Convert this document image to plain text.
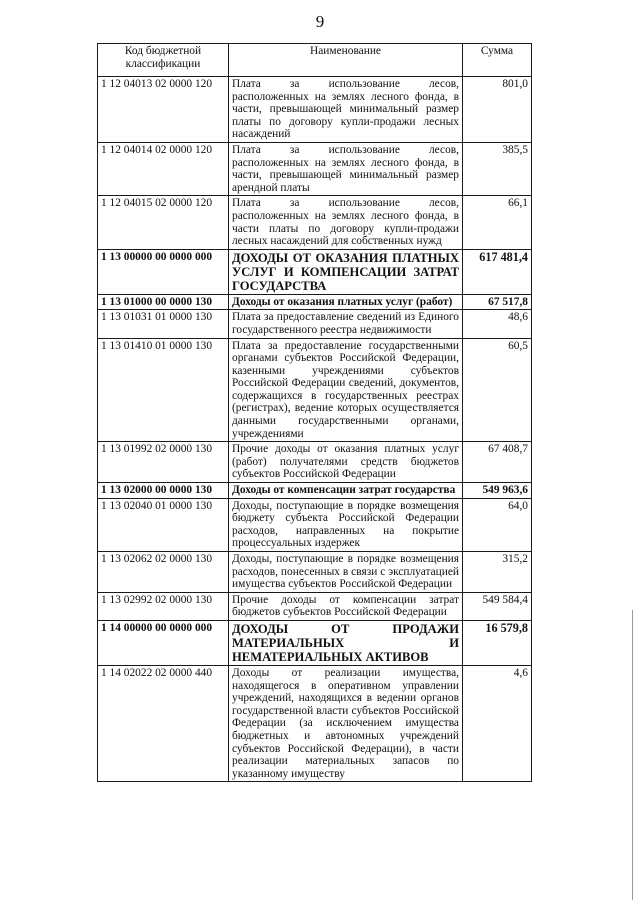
9
Код бюджетной классификации	Наименование	Сумма
1 12 04013 02 0000 120	Плата за использование лесов, расположенных на землях лесного фонда, в части, превышающей минимальный размер платы по договору купли-продажи лесных насаждений	801,0
1 12 04014 02 0000 120	Плата за использование лесов, расположенных на землях лесного фонда, в части, превышающей минимальный размер арендной платы	385,5
1 12 04015 02 0000 120	Плата за использование лесов, расположенных на землях лесного фонда, в части платы по договору купли-продажи лесных насаждений для собственных нужд	66,1
1 13 00000 00 0000 000	ДОХОДЫ ОТ ОКАЗАНИЯ ПЛАТНЫХ УСЛУГ И КОМПЕНСАЦИИ ЗАТРАТ ГОСУДАРСТВА	617 481,4
1 13 01000 00 0000 130	Доходы от оказания платных услуг (работ)	67 517,8
1 13 01031 01 0000 130	Плата за предоставление сведений из Единого государственного реестра недвижимости	48,6
1 13 01410 01 0000 130	Плата за предоставление государственными органами субъектов Российской Федерации, казенными учреждениями субъектов Российской Федерации сведений, документов, содержащихся в государственных реестрах (регистрах), ведение которых осуществляется данными государственными органами, учреждениями	60,5
1 13 01992 02 0000 130	Прочие доходы от оказания платных услуг (работ) получателями средств бюджетов субъектов Российской Федерации	67 408,7
1 13 02000 00 0000 130	Доходы от компенсации затрат государства	549 963,6
1 13 02040 01 0000 130	Доходы, поступающие в порядке возмещения бюджету субъекта Российской Федерации расходов, направленных на покрытие процессуальных издержек	64,0
1 13 02062 02 0000 130	Доходы, поступающие в порядке возмещения расходов, понесенных в связи с эксплуатацией имущества субъектов Российской Федерации	315,2
1 13 02992 02 0000 130	Прочие доходы от компенсации затрат бюджетов субъектов Российской Федерации	549 584,4
1 14 00000 00 0000 000	ДОХОДЫ ОТ ПРОДАЖИ МАТЕРИАЛЬНЫХ И НЕМАТЕРИАЛЬНЫХ АКТИВОВ	16 579,8
1 14 02022 02 0000 440	Доходы от реализации имущества, находящегося в оперативном управлении учреждений, находящихся в ведении органов государственной власти субъектов Российской Федерации (за исключением имущества бюджетных и автономных учреждений субъектов Российской Федерации), в части реализации материальных запасов по указанному имуществу	4,6
